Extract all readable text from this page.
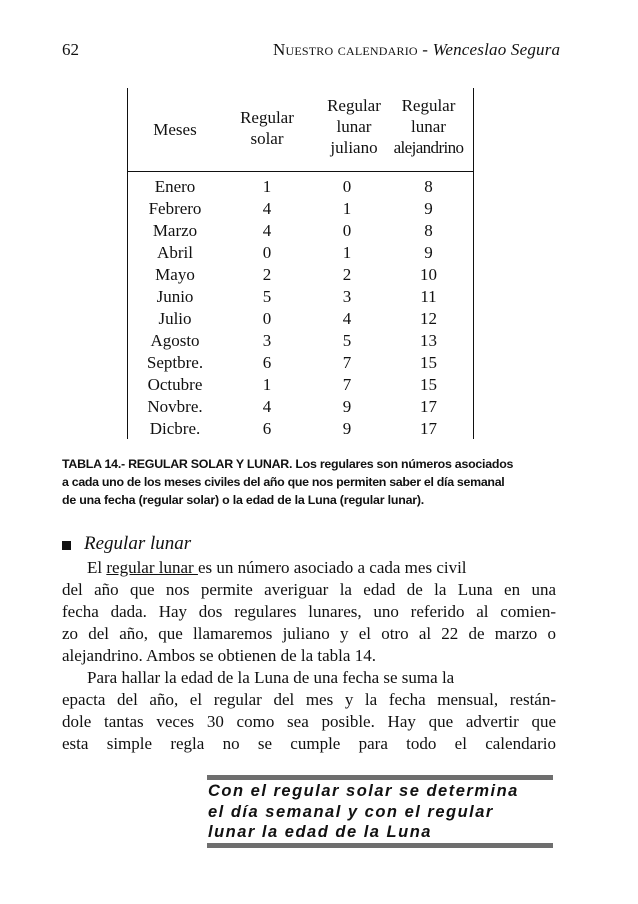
62	Nuestro calendario - Wenceslao Segura
Meses
Regular
solar
Regular
lunar
juliano
Regular
lunar
alejandrino
Enero
Febrero
Marzo
Abril
Mayo
Junio
Julio
Agosto
Septbre.
Octubre
Novbre.
Dicbre.
1
4
4
0
2
5
0
3
6
1
4
6
0
1
0
1
2
3
4
5
7
7
9
9
8
9
8
9
10
11
12
13
15
15
17
17
TABLA 14.- REGULAR SOLAR Y LUNAR. Los regulares son números asociados
a cada uno de los meses civiles del año que nos permiten saber el día semanal
de una fecha (regular solar) o la edad de la Luna (regular lunar).
Regular lunar
El regular lunar es un número asociado a cada mes civil
del año que nos permite averiguar la edad de la Luna en una
fecha dada. Hay dos regulares lunares, uno referido al comien-
zo del año, que llamaremos juliano y el otro al 22 de marzo o
alejandrino. Ambos se obtienen de la tabla 14.
Para hallar la edad de la Luna de una fecha se suma la
epacta del año, el regular del mes y la fecha mensual, restán-
dole tantas veces 30 como sea posible. Hay que advertir que
esta simple regla no se cumple para todo el calendario
Con el regular solar se determina
el día semanal y con el regular
lunar la edad de la Luna
